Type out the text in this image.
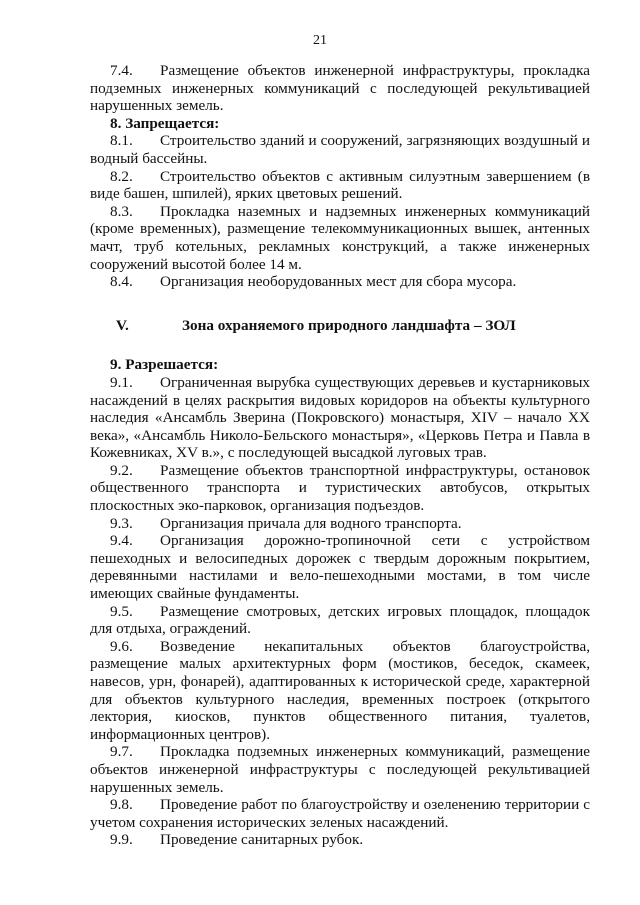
21

7.4. Размещение объектов инженерной инфраструктуры, прокладка подземных инженерных коммуникаций с последующей рекультивацией нарушенных земель.

8. Запрещается:

8.1. Строительство зданий и сооружений, загрязняющих воздушный и водный бассейны.

8.2. Строительство объектов с активным силуэтным завершением (в виде башен, шпилей), ярких цветовых решений.

8.3. Прокладка наземных и надземных инженерных коммуникаций (кроме временных), размещение телекоммуникационных вышек, антенных мачт, труб котельных, рекламных конструкций, а также инженерных сооружений высотой более 14 м.

8.4. Организация необорудованных мест для сбора мусора.

V.	Зона охраняемого природного ландшафта – ЗОЛ

9. Разрешается:

9.1. Ограниченная вырубка существующих деревьев и кустарниковых насаждений в целях раскрытия видовых коридоров на объекты культурного наследия «Ансамбль Зверина (Покровского) монастыря, XIV – начало XX века», «Ансамбль Николо-Бельского монастыря», «Церковь Петра и Павла в Кожевниках, XV в.», с последующей высадкой луговых трав.

9.2. Размещение объектов транспортной инфраструктуры, остановок общественного транспорта и туристических автобусов, открытых плоскостных эко-парковок, организация подъездов.

9.3. Организация причала для водного транспорта.

9.4. Организация дорожно-тропиночной сети с устройством пешеходных и велосипедных дорожек с твердым дорожным покрытием, деревянными настилами и вело-пешеходными мостами, в том числе имеющих свайные фундаменты.

9.5. Размещение смотровых, детских игровых площадок, площадок для отдыха, ограждений.

9.6. Возведение некапитальных объектов благоустройства, размещение малых архитектурных форм (мостиков, беседок, скамеек, навесов, урн, фонарей), адаптированных к исторической среде, характерной для объектов культурного наследия, временных построек (открытого лектория, киосков, пунктов общественного питания, туалетов, информационных центров).

9.7. Прокладка подземных инженерных коммуникаций, размещение объектов инженерной инфраструктуры с последующей рекультивацией нарушенных земель.

9.8. Проведение работ по благоустройству и озеленению территории с учетом сохранения исторических зеленых насаждений.

9.9. Проведение санитарных рубок.
